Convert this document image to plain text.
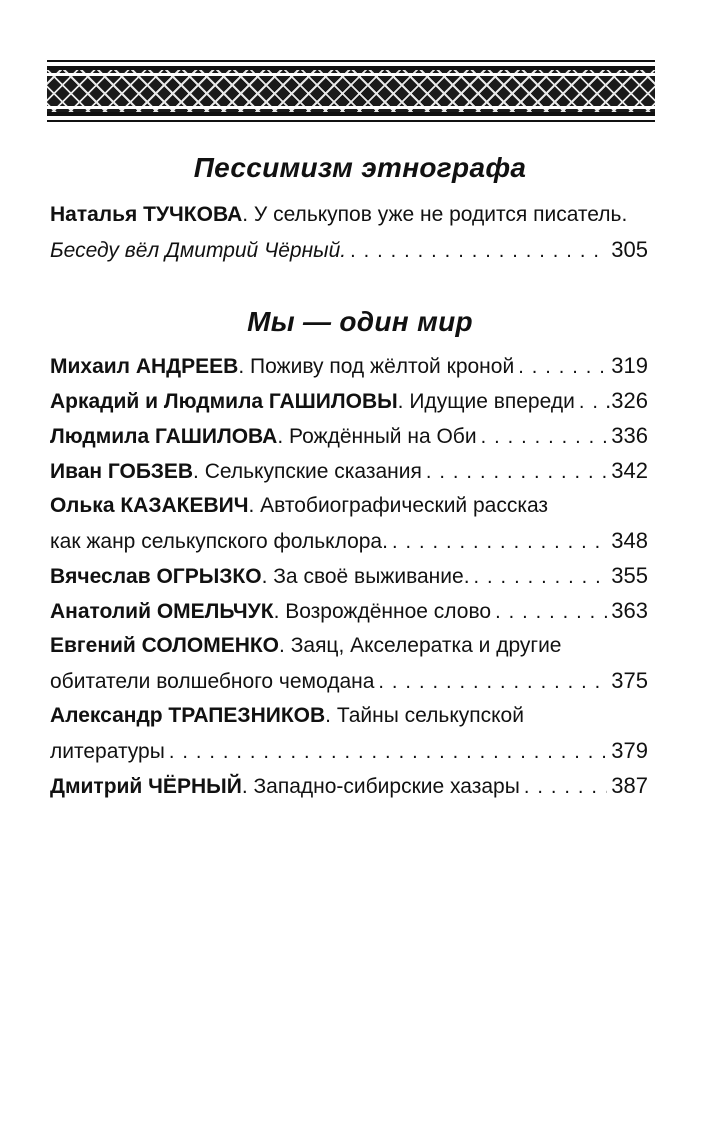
Пессимизм этнографа
Наталья ТУЧКОВА . У селькупов уже не родится писатель.
Беседу вёл Дмитрий Чёрный. . . .	305
Мы — один мир
Михаил АНДРЕЕВ . Поживу под жёлтой кроной . . .	319
Аркадий и Людмила ГАШИЛОВЫ . Идущие впереди . . . .326
Людмила ГАШИЛОВА . Рождённый на Оби . . .	336
Иван ГОБЗЕВ . Селькупские сказания . . .	342
Олька КАЗАКЕВИЧ . Автобиографический рассказ
как жанр селькупского фольклора. . . .	348
Вячеслав ОГРЫЗКО . За своё выживание. . . .	355
Анатолий ОМЕЛЬЧУК . Возрождённое слово . . .	363
Евгений СОЛОМЕНКО . Заяц, Акселератка и другие
обитатели волшебного чемодана . . .	375
Александр ТРАПЕЗНИКОВ . Тайны селькупской
литературы . . .	379
Дмитрий ЧЁРНЫЙ . Западно-сибирские хазары . . .	387
